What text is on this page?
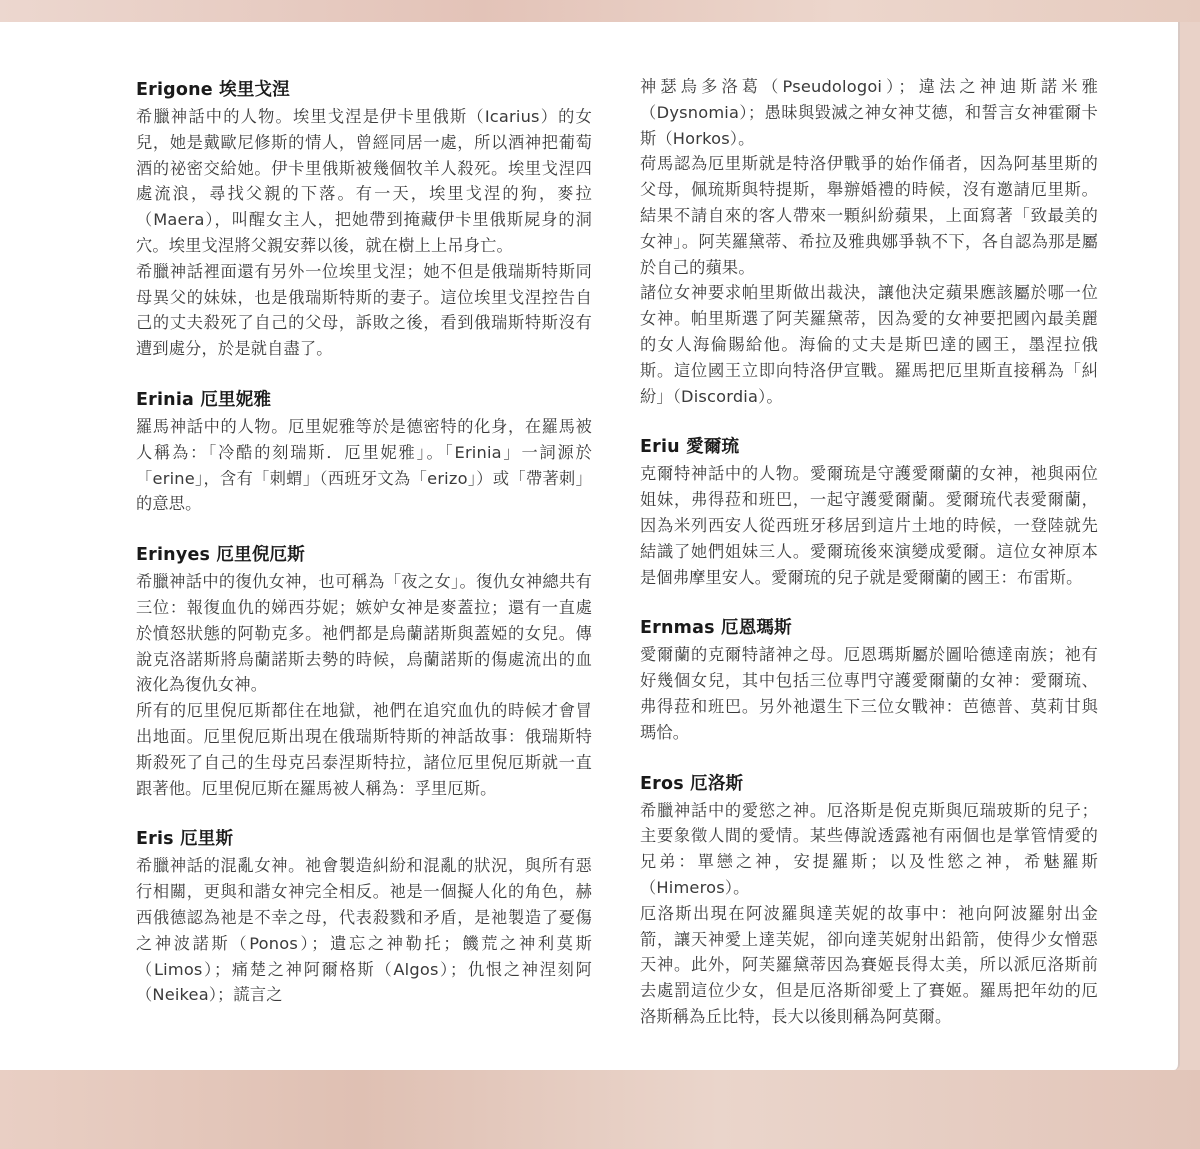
Erigone 埃里戈涅

希臘神話中的人物。埃里戈涅是伊卡里俄斯（Icarius）的女兒，她是戴歐尼修斯的情人，曾經同居一處，所以酒神把葡萄酒的祕密交給她。伊卡里俄斯被幾個牧羊人殺死。埃里戈涅四處流浪，尋找父親的下落。有一天，埃里戈涅的狗，麥拉（Maera），叫醒女主人，把她帶到掩藏伊卡里俄斯屍身的洞穴。埃里戈涅將父親安葬以後，就在樹上上吊身亡。

希臘神話裡面還有另外一位埃里戈涅；她不但是俄瑞斯特斯同母異父的妹妹，也是俄瑞斯特斯的妻子。這位埃里戈涅控告自己的丈夫殺死了自己的父母，訴敗之後，看到俄瑞斯特斯沒有遭到處分，於是就自盡了。

Erinia 厄里妮雅

羅馬神話中的人物。厄里妮雅等於是德密特的化身，在羅馬被人稱為：「冷酷的刻瑞斯．厄里妮雅」。「Erinia」一詞源於「erine」，含有「刺蝟」（西班牙文為「erizo」）或「帶著刺」的意思。

Erinyes 厄里倪厄斯

希臘神話中的復仇女神，也可稱為「夜之女」。復仇女神總共有三位：報復血仇的娣西芬妮；嫉妒女神是麥蓋拉；還有一直處於憤怒狀態的阿勒克多。祂們都是烏蘭諾斯與蓋婭的女兒。傳說克洛諾斯將烏蘭諾斯去勢的時候，烏蘭諾斯的傷處流出的血液化為復仇女神。

所有的厄里倪厄斯都住在地獄，祂們在追究血仇的時候才會冒出地面。厄里倪厄斯出現在俄瑞斯特斯的神話故事：俄瑞斯特斯殺死了自己的生母克呂泰涅斯特拉，諸位厄里倪厄斯就一直跟著他。厄里倪厄斯在羅馬被人稱為：孚里厄斯。

Eris 厄里斯

希臘神話的混亂女神。祂會製造糾紛和混亂的狀況，與所有惡行相關，更與和諧女神完全相反。祂是一個擬人化的角色，赫西俄德認為祂是不幸之母，代表殺戮和矛盾，是祂製造了憂傷之神波諾斯（Ponos）；遺忘之神勒托；饑荒之神利莫斯（Limos）；痛楚之神阿爾格斯（Algos）；仇恨之神涅刻阿（Neikea）；謊言之

神瑟烏多洛葛（Pseudologoi）；違法之神迪斯諾米雅（Dysnomia）；愚昧與毀滅之神女神艾德，和誓言女神霍爾卡斯（Horkos）。

荷馬認為厄里斯就是特洛伊戰爭的始作俑者，因為阿基里斯的父母，佩琉斯與特提斯，舉辦婚禮的時候，沒有邀請厄里斯。結果不請自來的客人帶來一顆糾紛蘋果，上面寫著「致最美的女神」。阿芙羅黛蒂、希拉及雅典娜爭執不下，各自認為那是屬於自己的蘋果。

諸位女神要求帕里斯做出裁決，讓他決定蘋果應該屬於哪一位女神。帕里斯選了阿芙羅黛蒂，因為愛的女神要把國內最美麗的女人海倫賜給他。海倫的丈夫是斯巴達的國王，墨涅拉俄斯。這位國王立即向特洛伊宣戰。羅馬把厄里斯直接稱為「糾紛」（Discordia）。

Eriu 愛爾琉

克爾特神話中的人物。愛爾琉是守護愛爾蘭的女神，祂與兩位姐妹，弗得菈和班巴，一起守護愛爾蘭。愛爾琉代表愛爾蘭，因為米列西安人從西班牙移居到這片土地的時候，一登陸就先結識了她們姐妹三人。愛爾琉後來演變成愛爾。這位女神原本是個弗摩里安人。愛爾琉的兒子就是愛爾蘭的國王：布雷斯。

Ernmas 厄恩瑪斯

愛爾蘭的克爾特諸神之母。厄恩瑪斯屬於圖哈德達南族；祂有好幾個女兒，其中包括三位專門守護愛爾蘭的女神：愛爾琉、弗得菈和班巴。另外祂還生下三位女戰神：芭德普、莫莉甘與瑪恰。

Eros 厄洛斯

希臘神話中的愛慾之神。厄洛斯是倪克斯與厄瑞玻斯的兒子；主要象徵人間的愛情。某些傳說透露祂有兩個也是掌管情愛的兄弟：單戀之神，安提羅斯；以及性慾之神，希魅羅斯（Himeros）。

厄洛斯出現在阿波羅與達芙妮的故事中：祂向阿波羅射出金箭，讓天神愛上達芙妮，卻向達芙妮射出鉛箭，使得少女憎惡天神。此外，阿芙羅黛蒂因為賽姬長得太美，所以派厄洛斯前去處罰這位少女，但是厄洛斯卻愛上了賽姬。羅馬把年幼的厄洛斯稱為丘比特，長大以後則稱為阿莫爾。
